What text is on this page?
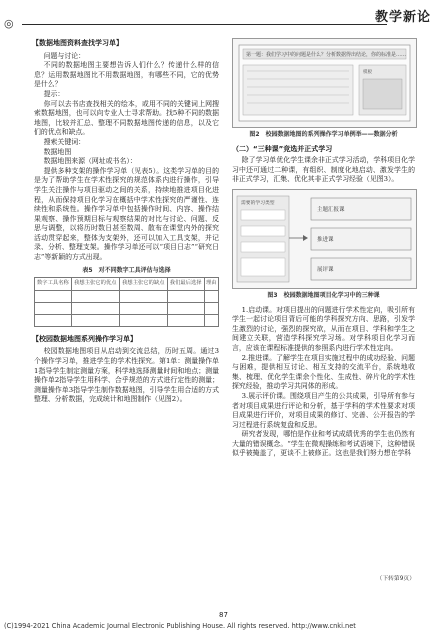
◎	教学新论
【数据地图资料查找学习单】

问题与讨论：

不同的数据地图主要想告诉人们什么？传递什么样的信息？运用数据地图比不用数据地图，有哪些不同，它的优势是什么？

提示：

你可以去书店查找相关的绘本，或用不同的关键词上网搜索数据地图，也可以向专业人士寻求帮助。找5种不同的数据地图，比较并汇总、整理不同数据地图传递的信息，以及它们的优点和缺点。

搜索关键词：

数据地图

数据地图来源（网址或书名）：

提供多种支架的操作学习单（见表5）。这类学习单的目的是为了帮助学生在学术性探究的规范体系内进行操作，引导学生关注操作与项目驱动之间的关系，持续地推进项目化进程，从而保持项目化学习在概括中学术性探究的严谨性、连续性和系统性。操作学习单中包括操作时间、内容、操作结果观察、操作预期目标与观察结果的对比与讨论、问题、反思与调整，以将历时数日甚至数周、散布在课堂内外的探究活动贯穿起来，整体为支架外，还可以加入工具支架，并记录、分析、整理支架。操作学习单还可以“项目日志”“研究日志”等新颖的方式出现。

表5　对不同数字工具评估与选择
数字工具名称	我想主张它的优点	我想主张它的缺点	我们最后选择	理由

【校园数据地图系列操作学习单】

校园数据地图项目从启动到交流总结，历时五周。通过3个操作学习单，推进学生的学术性探究。第1单：测量操作单1指导学生制定测量方案，科学地选择测量时间和地点；测量操作单2指导学生用科学、合乎规范的方式进行定性的测量；测量操作单3指导学生制作数据地图，引导学生用合适的方式整理、分析数据，完成统计和地图制作（见图2）。

第一题：我们学习中的问题是什么？分析数据得出结论，你的标准是……
模板
图2　校园数据地图的系列操作学习单例举——数据分析
（二）“三种课”竞选并正式学习

除了学习单优化学生课余非正式学习活动，学科项目化学习中还可通过二种课，有组织、制度化地启动、激发学生的非正式学习，汇集、优化其非正式学习经验（见图3）。

需要的学习类型
主题汇报课
推进课
展评课
图3　校园数据地图项目化学习中的三种课

1.启动课。对项目提出的问题进行学术性定向，吸引所有学生一起讨论项目背后可能的学科探究方向、思路，引发学生激烈的讨论，强烈的探究欲，从而在项目、学科和学生之间建立关联，营造学科探究学习场。对学科项目化学习而言，应该在课程标准提供的参照系内进行学术性定向。

2.推进课。了解学生在项目实施过程中的成功经验、问题与困难，提供相互讨论、相互支持的交流平台，系统地收集、梳理、优化学生课余个性化、生成性、碎片化的学术性探究经验，推动学习共同体的形成。

3.展示评价课。围绕项目产生的公共成果，引导所有参与者对项目成果进行评论和分析，基于学科的学术性要求对项目成果进行评价，对项目成果的修订、完善、公开报告的学习过程进行系统复盘和反思。

研究者发现，哪怕是作业和考试成绩优秀的学生也仍然有大量的错误概念。“学生在微观操练和考试语境下，这种错误似乎被掩盖了，更谈不上被修正。这也是我们努力想在学科

（下转第9页）
87
(C)1994-2021 China Academic Journal Electronic Publishing House. All rights reserved. http://www.cnki.net
